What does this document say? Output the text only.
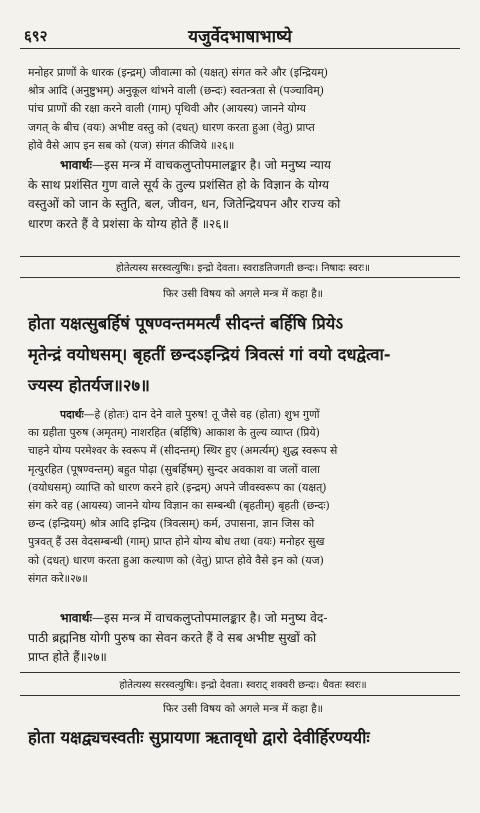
६९२	यजुर्वेदभाषाभाष्ये

मनोहर प्राणों के धारक (इन्द्रम्) जीवात्मा को (यक्षत्) संगत करे और (इन्द्रियम्)

श्रोत्र आदि (अनुष्टुभम्) अनुकूल थांभने वाली (छन्दः) स्वतन्त्रता से (पञ्चाविम्)

पांच प्राणों की रक्षा करने वाली (गाम्) पृथिवी और (आयस्य) जानने योग्य

जगत् के बीच (वयः) अभीष्ट वस्तु को (दधत्) धारण करता हुआ (वेतु) प्राप्त

होवे वैसे आप इन सब को (यज) संगत कीजिये ॥२६॥

भावार्थः—इस मन्त्र में वाचकलुप्तोपमालङ्कार है। जो मनुष्य न्याय

के साथ प्रशंसित गुण वाले सूर्य के तुल्य प्रशंसित हो के विज्ञान के योग्य

वस्तुओं को जान के स्तुति, बल, जीवन, धन, जितेन्द्रियपन और राज्य को

धारण करते हैं वे प्रशंसा के योग्य होते हैं ॥२६॥

होतेत्यस्य सरस्वत्युषिः। इन्द्रो देवता। स्वराडतिजगती छन्दः। निषादः स्वरः॥
फिर उसी विषय को अगले मन्त्र में कहा है॥

होता यक्षत्सुबर्हिषं पूषण्वन्तममर्त्यं सीदन्तं बर्हिषि प्रियेऽ

मृतेन्द्रं वयोधसम्। बृहतीं छन्दऽइन्द्रियं त्रिवत्सं गां वयो दधद्वेत्वा-

ज्यस्य होतर्यज॥२७॥

पदार्थः—हे (होतः) दान देने वाले पुरुष! तू जैसे वह (होता) शुभ गुणों

का ग्रहीता पुरुष (अमृतम्) नाशरहित (बर्हिषि) आकाश के तुल्य व्याप्त (प्रिये)

चाहने योग्य परमेश्वर के स्वरूप में (सीदन्तम्) स्थिर हुए (अमर्त्यम्) शुद्ध स्वरूप से

मृत्युरहित (पूषण्वन्तम्) बहुत पोढ़ा (सुबर्हिषम्) सुन्दर अवकाश वा जलों वाला

(वयोधसम्) व्याप्ति को धारण करने हारे (इन्द्रम्) अपने जीवस्वरूप का (यक्षत्)

संग करे वह (आयस्य) जानने योग्य विज्ञान का सम्बन्धी (बृहतीम्) बृहती (छन्दः)

छन्द (इन्द्रियम्) श्रोत्र आदि इन्द्रिय (त्रिवत्सम्) कर्म, उपासना, ज्ञान जिस को

पुत्रवत् हैं उस वेदसम्बन्धी (गाम्) प्राप्त होने योग्य बोध तथा (वयः) मनोहर सुख

को (दधत्) धारण करता हुआ कल्याण को (वेतु) प्राप्त होवे वैसे इन को (यज)

संगत करे॥२७॥

भावार्थः—इस मन्त्र में वाचकलुप्तोपमालङ्कार है। जो मनुष्य वेद-

पाठी ब्रह्मनिष्ठ योगी पुरुष का सेवन करते हैं वे सब अभीष्ट सुखों को

प्राप्त होते हैं॥२७॥

होतेत्यस्य सरस्वत्युषिः। इन्द्रो देवता। स्वराट् शक्वरी छन्दः। धैवतः स्वरः॥
फिर उसी विषय को अगले मन्त्र में कहा है॥

होता यक्षद्व्यचस्वतीः सुप्रायणा ऋतावृधो द्वारो देवीर्हिरण्ययीः
